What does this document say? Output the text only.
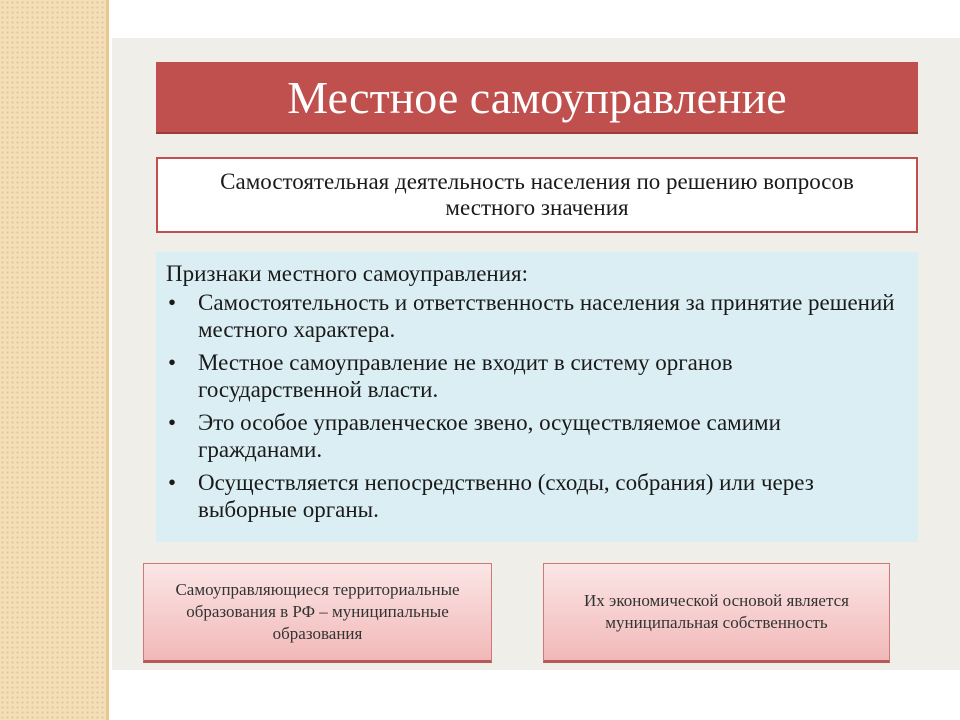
Местное самоуправление
Самостоятельная деятельность населения по решению вопросов местного значения
Признаки местного самоуправления:
• Самостоятельность и ответственность населения за принятие решений местного характера.
• Местное самоуправление не входит в систему органов государственной власти.
• Это особое управленческое звено, осуществляемое самими гражданами.
• Осуществляется непосредственно (сходы, собрания) или через выборные органы.
Самоуправляющиеся территориальные образования в РФ – муниципальные образования
Их экономической основой является муниципальная собственность
